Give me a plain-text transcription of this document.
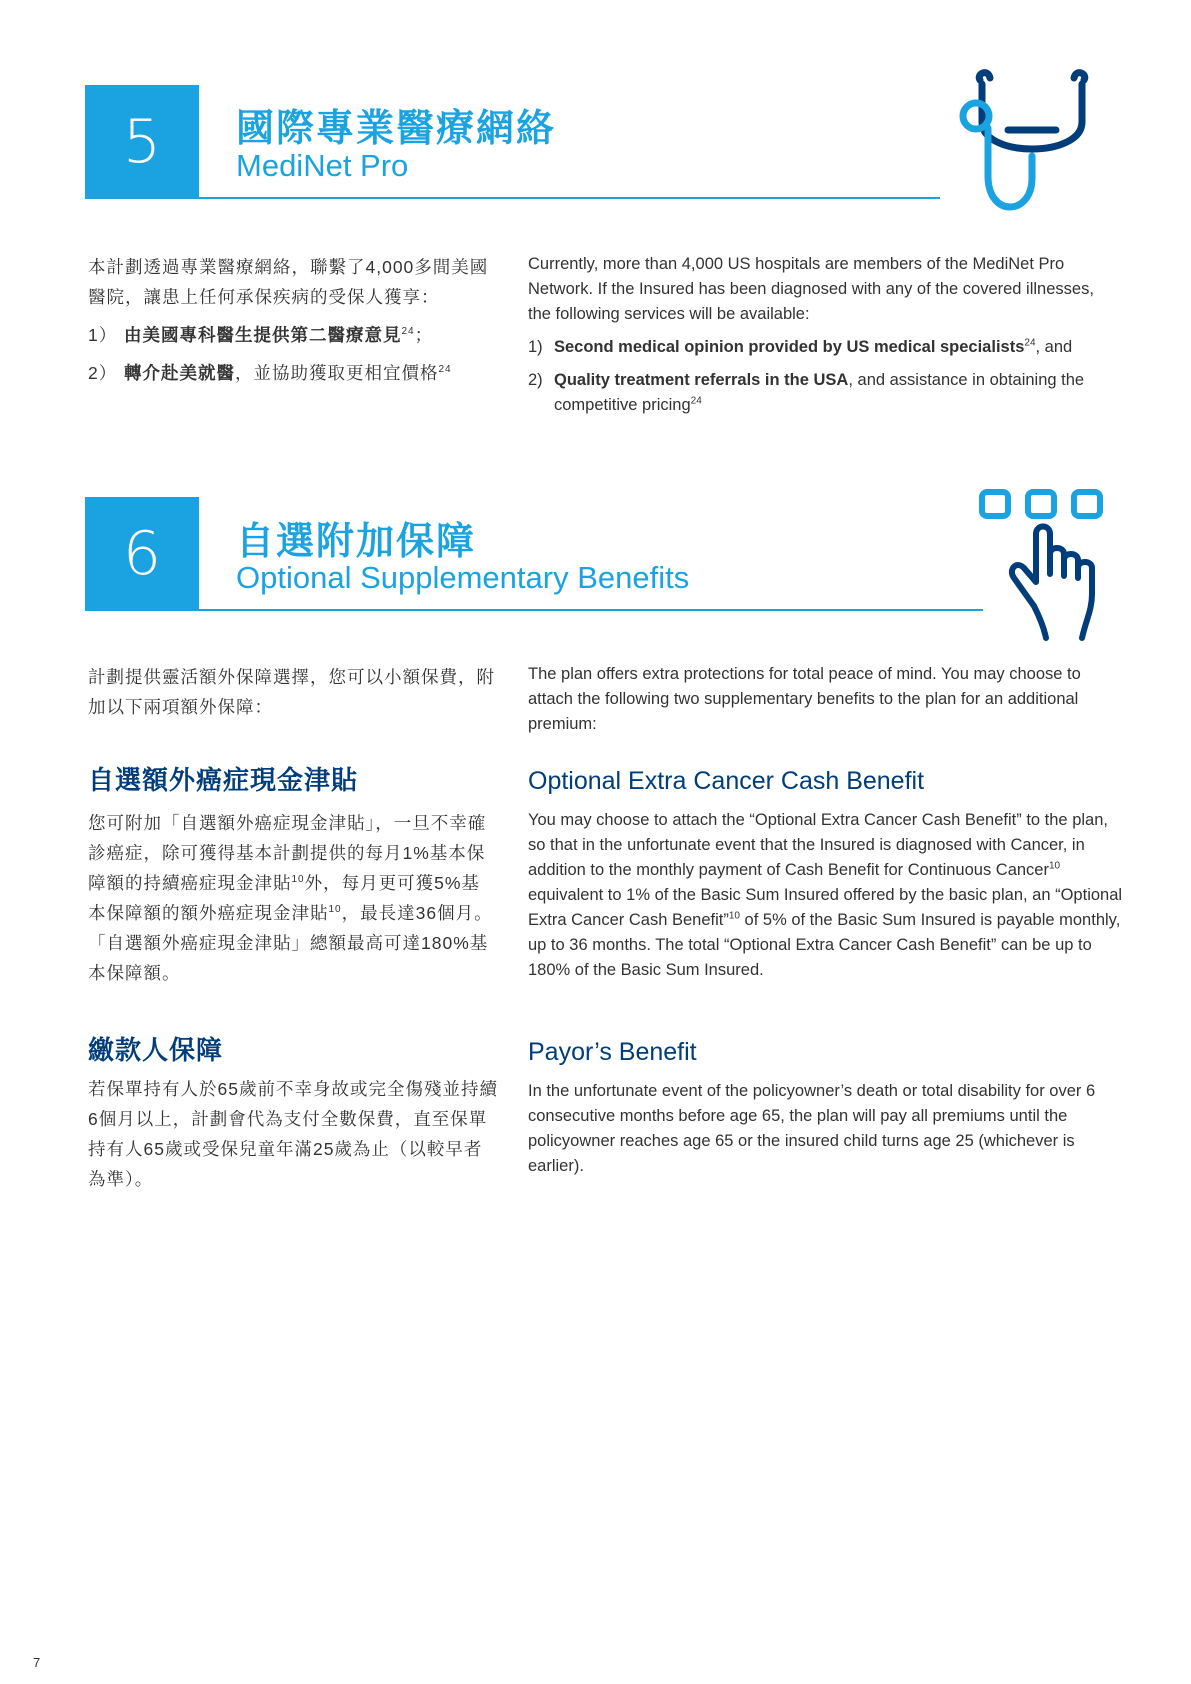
5 國際專業醫療網絡
MediNet Pro

本計劃透過專業醫療網絡，聯繫了4,000多間美國醫院，讓患上任何承保疾病的受保人獲享：

1） 由美國專科醫生提供第二醫療意見$^{24}$；
2） 轉介赴美就醫，並協助獲取更相宜價格$^{24}$

Currently, more than 4,000 US hospitals are members of the MediNet Pro Network. If the Insured has been diagnosed with any of the covered illnesses, the following services will be available:

1) Second medical opinion provided by US medical specialists$^{24}$, and
2) Quality treatment referrals in the USA, and assistance in obtaining the competitive pricing$^{24}$
6 自選附加保障
Optional Supplementary Benefits

計劃提供靈活額外保障選擇，您可以小額保費，附加以下兩項額外保障：

The plan offers extra protections for total peace of mind. You may choose to attach the following two supplementary benefits to the plan for an additional premium:

自選額外癌症現金津貼	Optional Extra Cancer Cash Benefit

您可附加「自選額外癌症現金津貼」，一旦不幸確診癌症，除可獲得基本計劃提供的每月1%基本保障額的持續癌症現金津貼$^{10}$外，每月更可獲5%基本保障額的額外癌症現金津貼$^{10}$，最長達36個月。「自選額外癌症現金津貼」總額最高可達180%基本保障額。

You may choose to attach the “Optional Extra Cancer Cash Benefit” to the plan, so that in the unfortunate event that the Insured is diagnosed with Cancer, in addition to the monthly payment of Cash Benefit for Continuous Cancer$^{10}$ equivalent to 1% of the Basic Sum Insured offered by the basic plan, an “Optional Extra Cancer Cash Benefit”$^{10}$ of 5% of the Basic Sum Insured is payable monthly, up to 36 months. The total “Optional Extra Cancer Cash Benefit” can be up to 180% of the Basic Sum Insured.

繳款人保障	Payor’s Benefit

若保單持有人於65歲前不幸身故或完全傷殘並持續6個月以上，計劃會代為支付全數保費，直至保單持有人65歲或受保兒童年滿25歲為止（以較早者為準）。

In the unfortunate event of the policyowner’s death or total disability for over 6 consecutive months before age 65, the plan will pay all premiums until the policyowner reaches age 65 or the insured child turns age 25 (whichever is earlier).

7
